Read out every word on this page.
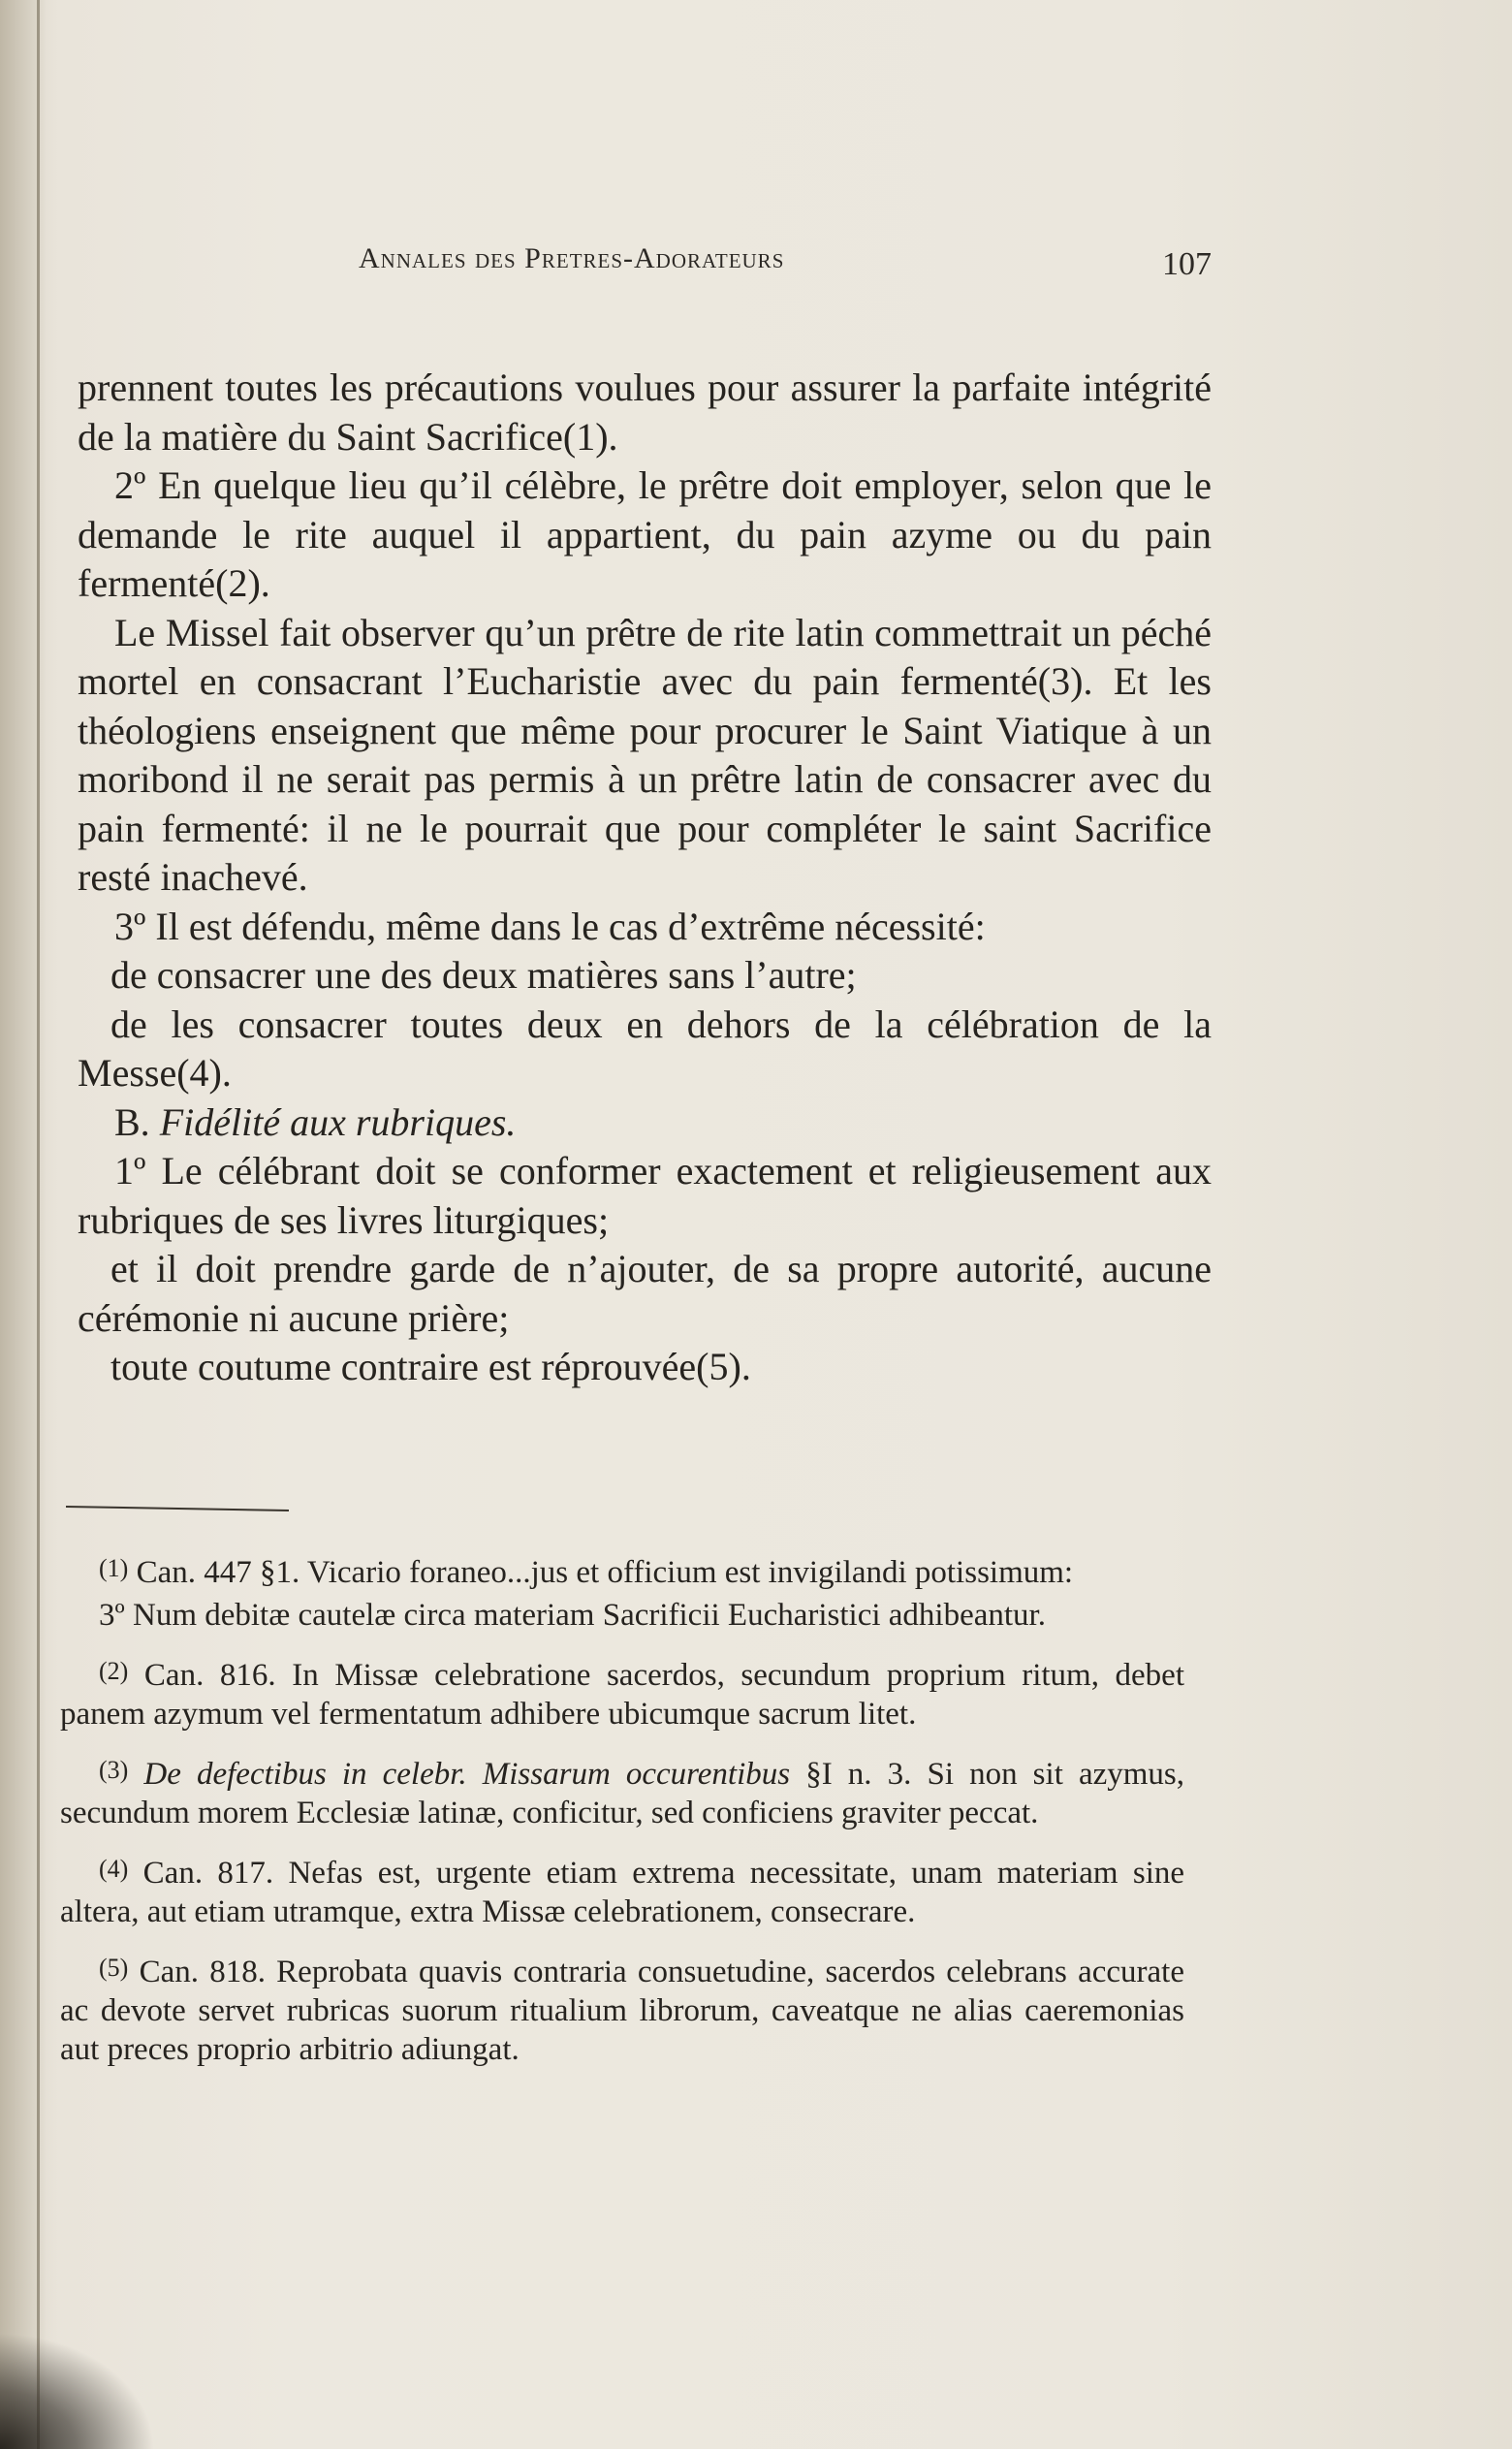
Annales des Pretres-Adorateurs	107

prennent toutes les précautions voulues pour assurer la parfaite intégrité de la matière du Saint Sacrifice(1).

2º En quelque lieu qu’il célèbre, le prêtre doit employer, selon que le demande le rite auquel il appartient, du pain azyme ou du pain fermenté(2).

Le Missel fait observer qu’un prêtre de rite latin commettrait un péché mortel en consacrant l’Eucharistie avec du pain fermenté(3). Et les théologiens enseignent que même pour procurer le Saint Viatique à un moribond il ne serait pas permis à un prêtre latin de consacrer avec du pain fermenté: il ne le pourrait que pour compléter le saint Sacrifice resté inachevé.

3º Il est défendu, même dans le cas d’extrême nécessité:

de consacrer une des deux matières sans l’autre;

de les consacrer toutes deux en dehors de la célébration de la Messe(4).

B. Fidélité aux rubriques.

1º Le célébrant doit se conformer exactement et religieusement aux rubriques de ses livres liturgiques;

et il doit prendre garde de n’ajouter, de sa propre autorité, aucune cérémonie ni aucune prière;

toute coutume contraire est réprouvée(5).

$^{(1)}$ Can. 447 §1. Vicario foraneo...jus et officium est invigilandi potissimum:

3º Num debitæ cautelæ circa materiam Sacrificii Eucharistici adhibeantur.

$^{(2)}$ Can. 816. In Missæ celebratione sacerdos, secundum proprium ritum, debet panem azymum vel fermentatum adhibere ubicumque sacrum litet.

$^{(3)}$ De defectibus in celebr. Missarum occurentibus §I n. 3. Si non sit azymus, secundum morem Ecclesiæ latinæ, conficitur, sed conficiens graviter peccat.

$^{(4)}$ Can. 817. Nefas est, urgente etiam extrema necessitate, unam materiam sine altera, aut etiam utramque, extra Missæ celebrationem, consecrare.

$^{(5)}$ Can. 818. Reprobata quavis contraria consuetudine, sacerdos celebrans accurate ac devote servet rubricas suorum ritualium librorum, caveatque ne alias caeremonias aut preces proprio arbitrio adiungat.
